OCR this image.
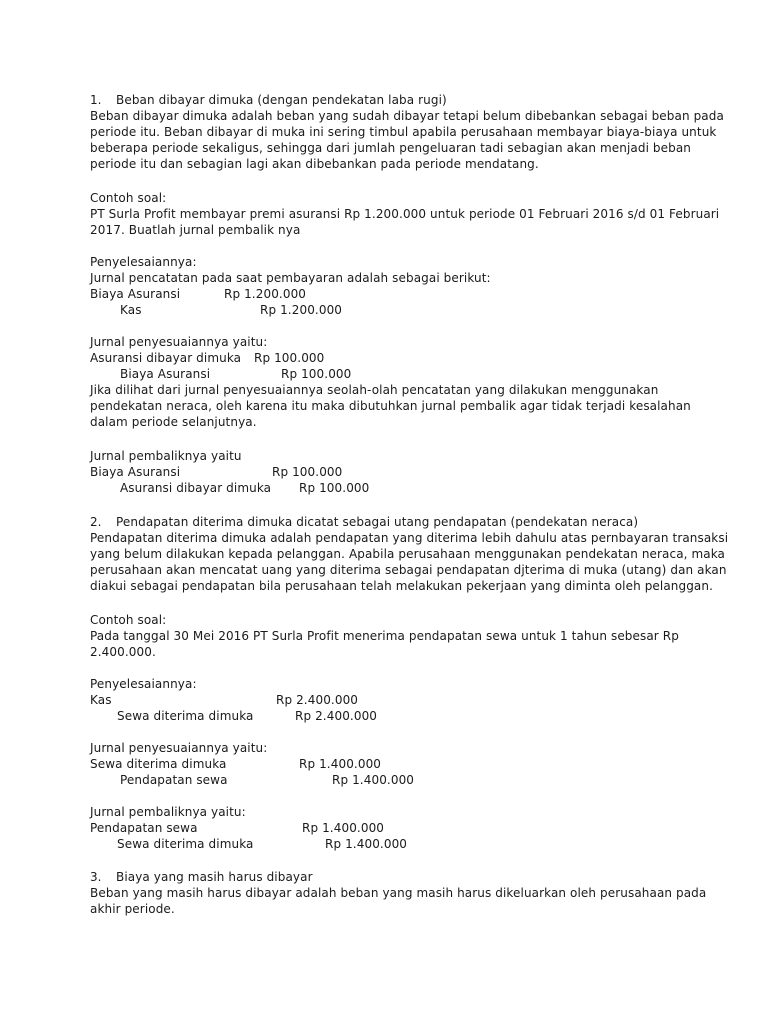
1. Beban dibayar dimuka (dengan pendekatan laba rugi)
Beban dibayar dimuka adalah beban yang sudah dibayar tetapi belum dibebankan sebagai beban pada
periode itu. Beban dibayar di muka ini sering timbul apabila perusahaan membayar biaya-biaya untuk
beberapa periode sekaligus, sehingga dari jumlah pengeluaran tadi sebagian akan menjadi beban
periode itu dan sebagian lagi akan dibebankan pada periode mendatang.
Contoh soal:
PT Surla Profit membayar premi asuransi Rp 1.200.000 untuk periode 01 Februari 2016 s/d 01 Februari
2017. Buatlah jurnal pembalik nya
Penyelesaiannya:
Jurnal pencatatan pada saat pembayaran adalah sebagai berikut:
Biaya Asuransi	Rp 1.200.000
Kas	Rp 1.200.000
Jurnal penyesuaiannya yaitu:
Asuransi dibayar dimuka Rp 100.000
Biaya Asuransi	Rp 100.000
Jika dilihat dari jurnal penyesuaiannya seolah-olah pencatatan yang dilakukan menggunakan
pendekatan neraca, oleh karena itu maka dibutuhkan jurnal pembalik agar tidak terjadi kesalahan
dalam periode selanjutnya.
Jurnal pembaliknya yaitu
Biaya Asuransi	Rp 100.000
Asuransi dibayar dimuka Rp 100.000
2. Pendapatan diterima dimuka dicatat sebagai utang pendapatan (pendekatan neraca)
Pendapatan diterima dimuka adalah pendapatan yang diterima lebih dahulu atas pernbayaran transaksi
yang belum dilakukan kepada pelanggan. Apabila perusahaan menggunakan pendekatan neraca, maka
perusahaan akan mencatat uang yang diterima sebagai pendapatan djterima di muka (utang) dan akan
diakui sebagai pendapatan bila perusahaan telah melakukan pekerjaan yang diminta oleh pelanggan.
Contoh soal:
Pada tanggal 30 Mei 2016 PT Surla Profit menerima pendapatan sewa untuk 1 tahun sebesar Rp
2.400.000.
Penyelesaiannya:
Kas	Rp 2.400.000
Sewa diterima dimuka	Rp 2.400.000
Jurnal penyesuaiannya yaitu:
Sewa diterima dimuka	Rp 1.400.000
Pendapatan sewa	Rp 1.400.000
Jurnal pembaliknya yaitu:
Pendapatan sewa	Rp 1.400.000
Sewa diterima dimuka	Rp 1.400.000
3. Biaya yang masih harus dibayar
Beban yang masih harus dibayar adalah beban yang masih harus dikeluarkan oleh perusahaan pada
akhir periode.
